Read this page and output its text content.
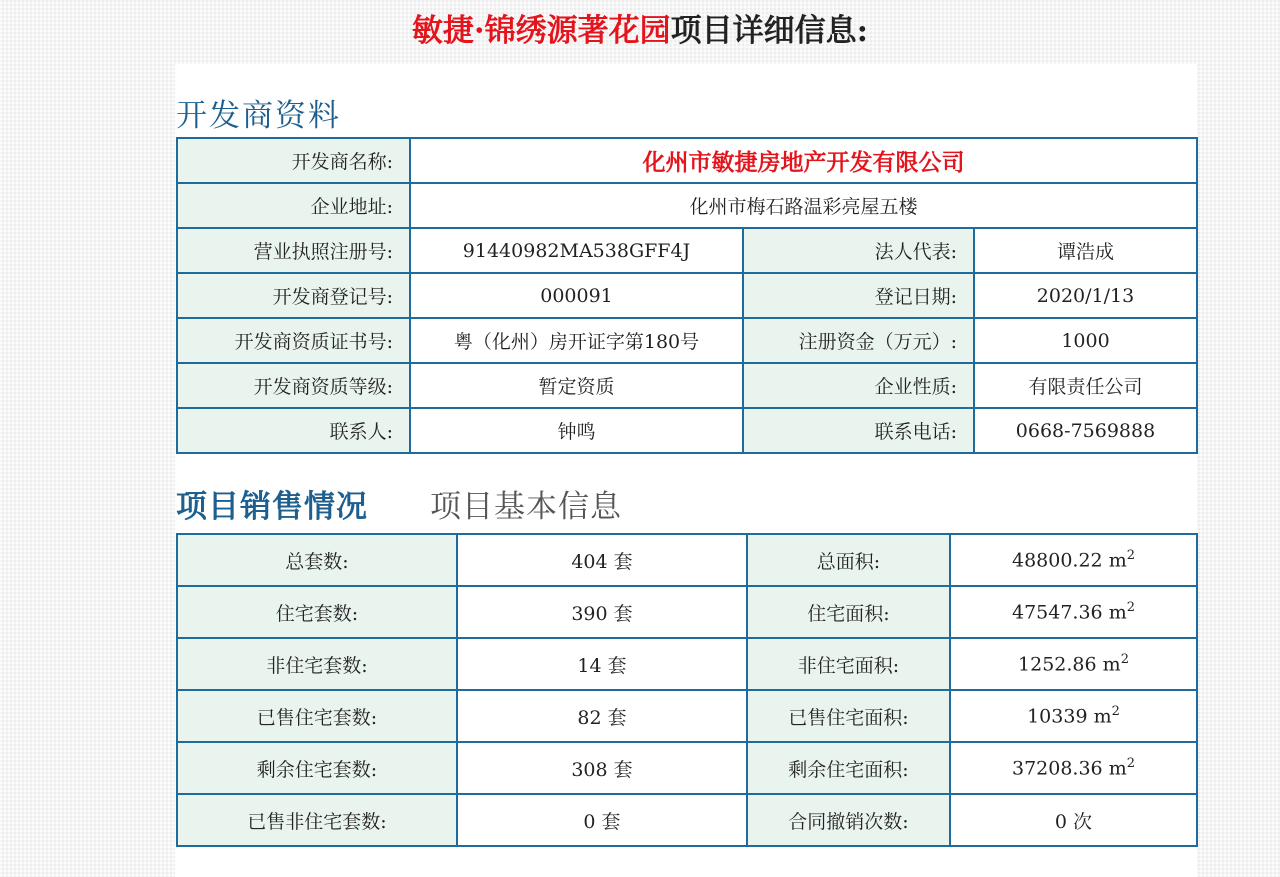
敏捷·锦绣源著花园项目详细信息:
开发商资料
开发商名称:	化州市敏捷房地产开发有限公司		
企业地址:	化州市梅石路温彩亮屋五楼		
营业执照注册号:	91440982MA538GFF4J	法人代表:	谭浩成
开发商登记号:	000091	登记日期:	2020/1/13
开发商资质证书号:	粤（化州）房开证字第180号	注册资金（万元）:	1000
开发商资质等级:	暂定资质	企业性质:	有限责任公司
联系人:	钟鸣	联系电话:	0668-7569888
项目销售情况 项目基本信息
总套数:	404 套	总面积:	48800.22 $m^2$
住宅套数:	390 套	住宅面积:	47547.36 $m^2$
非住宅套数:	14 套	非住宅面积:	1252.86 $m^2$
已售住宅套数:	82 套	已售住宅面积:	10339 $m^2$
剩余住宅套数:	308 套	剩余住宅面积:	37208.36 $m^2$
已售非住宅套数:	0 套	合同撤销次数:	0 次
